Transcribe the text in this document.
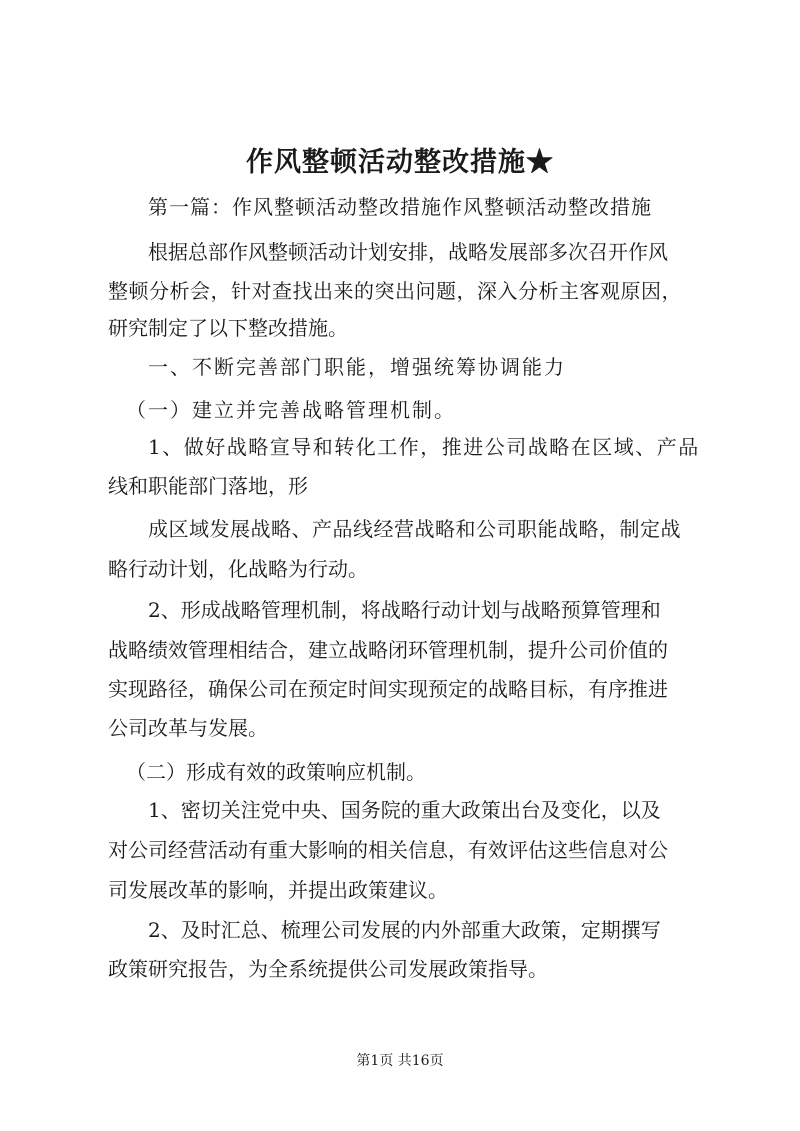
作风整顿活动整改措施★
第一篇：作风整顿活动整改措施作风整顿活动整改措施
根据总部作风整顿活动计划安排，战略发展部多次召开作风
整顿分析会，针对查找出来的突出问题，深入分析主客观原因，
研究制定了以下整改措施。
一、不断完善部门职能，增强统筹协调能力
（一）建立并完善战略管理机制。
1、做好战略宣导和转化工作，推进公司战略在区域、产品
线和职能部门落地，形
成区域发展战略、产品线经营战略和公司职能战略，制定战
略行动计划，化战略为行动。
2、形成战略管理机制，将战略行动计划与战略预算管理和
战略绩效管理相结合，建立战略闭环管理机制，提升公司价值的
实现路径，确保公司在预定时间实现预定的战略目标，有序推进
公司改革与发展。
（二）形成有效的政策响应机制。
1、密切关注党中央、国务院的重大政策出台及变化，以及
对公司经营活动有重大影响的相关信息，有效评估这些信息对公
司发展改革的影响，并提出政策建议。
2、及时汇总、梳理公司发展的内外部重大政策，定期撰写
政策研究报告，为全系统提供公司发展政策指导。
第1页 共16页
